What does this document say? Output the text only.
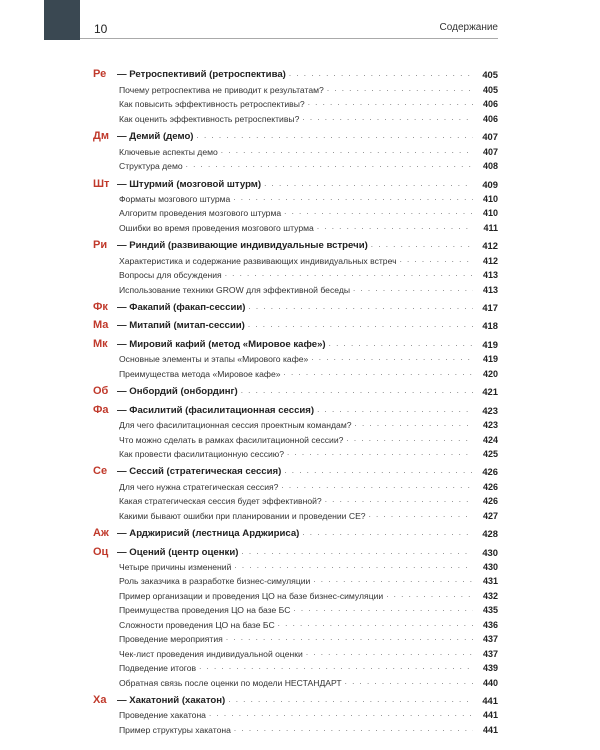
10	Содержание
Ре	— Ретроспективий (ретроспектива) . . .	405
Почему ретроспектива не приводит к результатам? . . .	405
Как повысить эффективность ретроспективы? . . .	406
Как оценить эффективность ретроспективы? . . .	406
Дм — Демий (демо) . . .	407
Ключевые аспекты демо . . .	407
Структура демо . . .	408
Шт — Штурмий (мозговой штурм) . . .	409
Форматы мозгового штурма . . .	410
Алгоритм проведения мозгового штурма . . .	410
Ошибки во время проведения мозгового штурма . . .	411
Ри	— Риндий (развивающие индивидуальные встречи) . . .	412
Характеристика и содержание развивающих индивидуальных встреч . . .	412
Вопросы для обсуждения . . .	413
Использование техники GROW для эффективной беседы . . .	413
Фк — Факапий (факап-сессии) . . .	417
Ма — Митапий (митап-сессии) . . .	418
Мк — Мировий кафий (метод «Мировое кафе») . . .	419
Основные элементы и этапы «Мирового кафе» . . .	419
Преимущества метода «Мировое кафе» . . .	420
Об — Онбордий (онбординг) . . .	421
Фа — Фасилитий (фасилитационная сессия) . . .	423
Для чего фасилитационная сессия проектным командам? . . .	423
Что можно сделать в рамках фасилитационной сессии? . . .	424
Как провести фасилитационную сессию? . . .	425
Се	— Сессий (стратегическая сессия) . . .	426
Для чего нужна стратегическая сессия? . . .	426
Какая стратегическая сессия будет эффективной? . . .	426
Какими бывают ошибки при планировании и проведении СЕ? . . .	427
Аж — Арджирисий (лестница Арджириса) . . .	428
Оц — Оцений (центр оценки) . . .	430
Четыре причины изменений . . .	430
Роль заказчика в разработке бизнес-симуляции . . .	431
Пример организации и проведения ЦО на базе бизнес-симуляции . . .	432
Преимущества проведения ЦО на базе БС . . .	435
Сложности проведения ЦО на базе БС . . .	436
Проведение мероприятия . . .	437
Чек-лист проведения индивидуальной оценки . . .	437
Подведение итогов . . .	439
Обратная связь после оценки по модели НЕСТАНДАРТ . . .	440
Ха	— Хакатоний (хакатон) . . .	441
Проведение хакатона . . .	441
Пример структуры хакатона . . .	441
